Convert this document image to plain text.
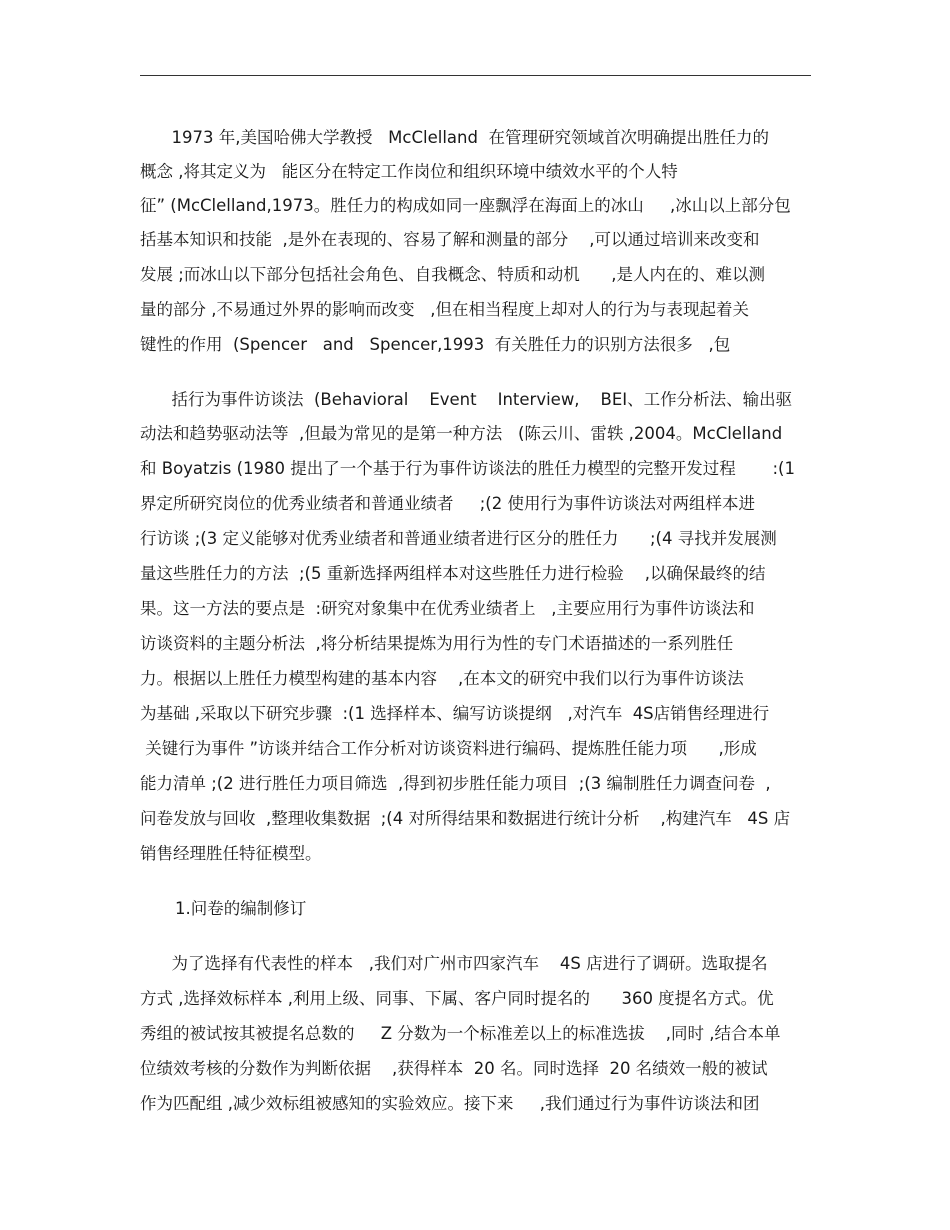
1973 年,美国哈佛大学教授   McClelland  在管理研究领域首次明确提出胜任力的
概念 ,将其定义为   能区分在特定工作岗位和组织环境中绩效水平的个人特
征” (McClelland,1973。胜任力的构成如同一座飘浮在海面上的冰山     ,冰山以上部分包
括基本知识和技能  ,是外在表现的、容易了解和测量的部分    ,可以通过培训来改变和
发展 ;而冰山以下部分包括社会角色、自我概念、特质和动机      ,是人内在的、难以测
量的部分 ,不易通过外界的影响而改变   ,但在相当程度上却对人的行为与表现起着关
键性的作用  (Spencer   and   Spencer,1993  有关胜任力的识别方法很多   ,包
括行为事件访谈法  (Behavioral    Event    Interview,    BEI、工作分析法、输出驱
动法和趋势驱动法等  ,但最为常见的是第一种方法   (陈云川、雷轶 ,2004。McClelland
和 Boyatzis (1980 提出了一个基于行为事件访谈法的胜任力模型的完整开发过程       :(1
界定所研究岗位的优秀业绩者和普通业绩者     ;(2 使用行为事件访谈法对两组样本进
行访谈 ;(3 定义能够对优秀业绩者和普通业绩者进行区分的胜任力      ;(4 寻找并发展测
量这些胜任力的方法  ;(5 重新选择两组样本对这些胜任力进行检验    ,以确保最终的结
果。这一方法的要点是  :研究对象集中在优秀业绩者上   ,主要应用行为事件访谈法和
访谈资料的主题分析法  ,将分析结果提炼为用行为性的专门术语描述的一系列胜任
力。根据以上胜任力模型构建的基本内容    ,在本文的研究中我们以行为事件访谈法
为基础 ,采取以下研究步骤  :(1 选择样本、编写访谈提纲   ,对汽车  4S店销售经理进行
关键行为事件 ”访谈并结合工作分析对访谈资料进行编码、提炼胜任能力项      ,形成
能力清单 ;(2 进行胜任力项目筛选  ,得到初步胜任能力项目  ;(3 编制胜任力调查问卷  ,
问卷发放与回收  ,整理收集数据  ;(4 对所得结果和数据进行统计分析    ,构建汽车   4S 店
销售经理胜任特征模型。
1.问卷的编制修订
为了选择有代表性的样本   ,我们对广州市四家汽车    4S 店进行了调研。选取提名
方式 ,选择效标样本 ,利用上级、同事、下属、客户同时提名的      360 度提名方式。优
秀组的被试按其被提名总数的     Z 分数为一个标准差以上的标准选拔    ,同时 ,结合本单
位绩效考核的分数作为判断依据    ,获得样本  20 名。同时选择  20 名绩效一般的被试
作为匹配组 ,减少效标组被感知的实验效应。接下来     ,我们通过行为事件访谈法和团
